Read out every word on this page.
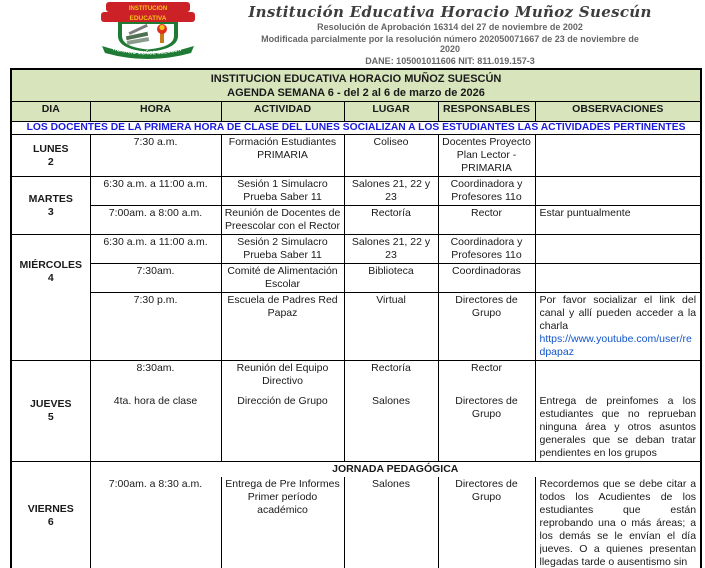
INSTITUCION
EDUCATIVA
HORACIO MUÑOZ SUESCUN
Institución Educativa Horacio Muñoz Suescún
Resolución de Aprobación 16314 del 27 de noviembre de 2002
Modificada parcialmente por la resolución número 202050071667 de 23 de noviembre de 2020
DANE: 105001011606 NIT: 811.019.157-3
INSTITUCION EDUCATIVA HORACIO MUÑOZ SUESCÚN
AGENDA SEMANA 6 - del 2 al 6 de marzo de 2026					

DIA	HORA	ACTIVIDAD	LUGAR	RESPONSABLES	OBSERVACIONES
LOS DOCENTES DE LA PRIMERA HORA DE CLASE DEL LUNES SOCIALIZAN A LOS ESTUDIANTES LAS ACTIVIDADES PERTINENTES					

LUNES
2	7:30 a.m.	Formación Estudiantes PRIMARIA	Coliseo	Docentes Proyecto Plan Lector - PRIMARIA	

MARTES
3	6:30 a.m. a 11:00 a.m.	Sesión 1 Simulacro Prueba Saber 11	Salones 21, 22 y 23	Coordinadora y Profesores 11o	
	7:00am. a 8:00 a.m.	Reunión de Docentes de Preescolar con el Rector	Rectoría	Rector	Estar puntualmente

MIÉRCOLES
4	6:30 a.m. a 11:00 a.m.	Sesión 2 Simulacro Prueba Saber 11	Salones 21, 22 y 23	Coordinadora y Profesores 11o	
	7:30am.	Comité de Alimentación Escolar	Biblioteca	Coordinadoras	
	7:30 p.m.	Escuela de Padres Red Papaz	Virtual	Directores de Grupo	Por favor socializar el link del canal y allí pueden acceder a la charla
https://www.youtube.com/user/redpapaz

JUEVES
5	8:30am.	Reunión del Equipo Directivo	Rectoría	Rector	
	4ta. hora de clase	Dirección de Grupo	Salones	Directores de Grupo	Entrega de preinfomes a los estudiantes que no reprueban ninguna área y otros asuntos generales que se deban tratar pendientes en los grupos

VIERNES
6	JORNADA PEDAGÓGICA				
	7:00am. a 8:30 a.m.	Entrega de Pre Informes Primer período académico	Salones	Directores de Grupo	Recordemos que se debe citar a todos los Acudientes de los estudiantes que están reprobando una o más áreas; a los demás se le envían el día jueves. O a quienes presentan llegadas tarde o ausentismo sin
